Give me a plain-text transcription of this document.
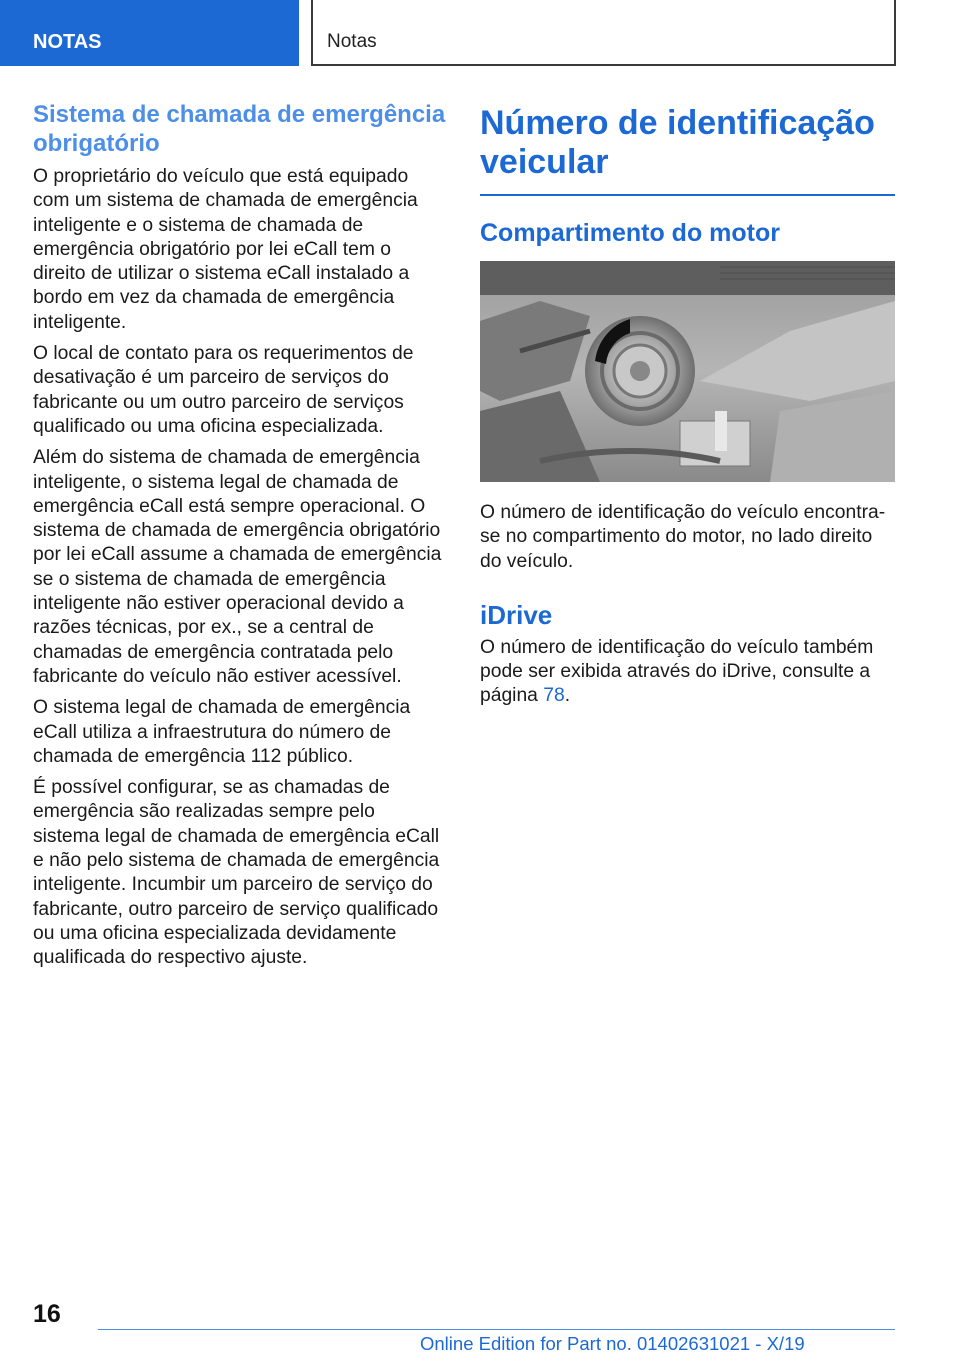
NOTAS	Notas
Sistema de chamada de emergência obrigatório

O proprietário do veículo que está equipado com um sistema de chamada de emergência inteligente e o sistema de chamada de emergência obrigatório por lei eCall tem o direito de utilizar o sistema eCall instalado a bordo em vez da chamada de emergência inteligente.

O local de contato para os requerimentos de desativação é um parceiro de serviços do fabricante ou um outro parceiro de serviços qualificado ou uma oficina especializada.

Além do sistema de chamada de emergência inteligente, o sistema legal de chamada de emergência eCall está sempre operacional. O sistema de chamada de emergência obrigatório por lei eCall assume a chamada de emergência se o sistema de chamada de emergência inteligente não estiver operacional devido a razões técnicas, por ex., se a central de chamadas de emergência contratada pelo fabricante do veículo não estiver acessível.

O sistema legal de chamada de emergência eCall utiliza a infraestrutura do número de chamada de emergência 112 público.

É possível configurar, se as chamadas de emergência são realizadas sempre pelo sistema legal de chamada de emergência eCall e não pelo sistema de chamada de emergência inteligente. Incumbir um parceiro de serviço do fabricante, outro parceiro de serviço qualificado ou uma oficina especializada devidamente qualificada do respectivo ajuste.

Número de identificação veicular
Compartimento do motor

O número de identificação do veículo encontra‐se no compartimento do motor, no lado direito do veículo.

iDrive

O número de identificação do veículo também pode ser exibida através do iDrive, consulte a página 78.

16
Online Edition for Part no. 01402631021 - X/19
